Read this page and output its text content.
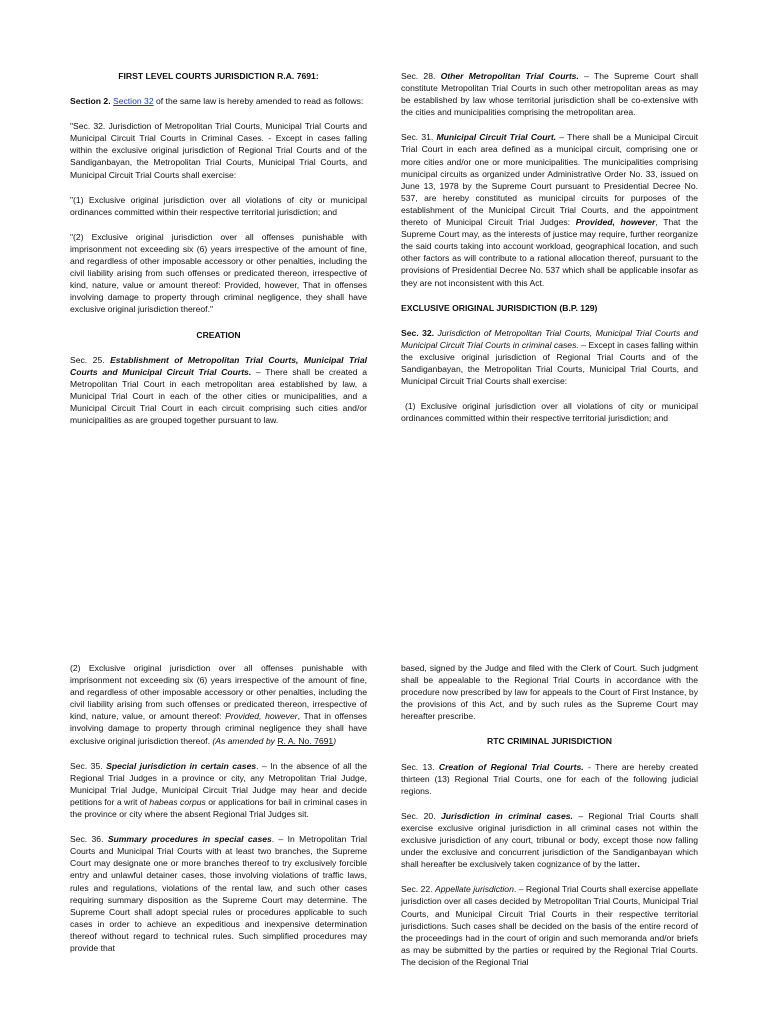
FIRST LEVEL COURTS JURISDICTION R.A. 7691:

Section 2. Section 32 of the same law is hereby amended to read as follows:

"Sec. 32. Jurisdiction of Metropolitan Trial Courts, Municipal Trial Courts and Municipal Circuit Trial Courts in Criminal Cases. - Except in cases falling within the exclusive original jurisdiction of Regional Trial Courts and of the Sandiganbayan, the Metropolitan Trial Courts, Municipal Trial Courts, and Municipal Circuit Trial Courts shall exercise:

"(1) Exclusive original jurisdiction over all violations of city or municipal ordinances committed within their respective territorial jurisdiction; and

"(2) Exclusive original jurisdiction over all offenses punishable with imprisonment not exceeding six (6) years irrespective of the amount of fine, and regardless of other imposable accessory or other penalties, including the civil liability arising from such offenses or predicated thereon, irrespective of kind, nature, value or amount thereof: Provided, however, That in offenses involving damage to property through criminal negligence, they shall have exclusive original jurisdiction thereof."

CREATION

Sec. 25. Establishment of Metropolitan Trial Courts, Municipal Trial Courts and Municipal Circuit Trial Courts. – There shall be created a Metropolitan Trial Court in each metropolitan area established by law, a Municipal Trial Court in each of the other cities or municipalities, and a Municipal Circuit Trial Court in each circuit comprising such cities and/or municipalities as are grouped together pursuant to law.

Sec. 28. Other Metropolitan Trial Courts. – The Supreme Court shall constitute Metropolitan Trial Courts in such other metropolitan areas as may be established by law whose territorial jurisdiction shall be co-extensive with the cities and municipalities comprising the metropolitan area.

Sec. 31. Municipal Circuit Trial Court. – There shall be a Municipal Circuit Trial Court in each area defined as a municipal circuit, comprising one or more cities and/or one or more municipalities. The municipalities comprising municipal circuits as organized under Administrative Order No. 33, issued on June 13, 1978 by the Supreme Court pursuant to Presidential Decree No. 537, are hereby constituted as municipal circuits for purposes of the establishment of the Municipal Circuit Trial Courts, and the appointment thereto of Municipal Circuit Trial Judges: Provided, however, That the Supreme Court may, as the interests of justice may require, further reorganize the said courts taking into account workload, geographical location, and such other factors as will contribute to a rational allocation thereof, pursuant to the provisions of Presidential Decree No. 537 which shall be applicable insofar as they are not inconsistent with this Act.

EXCLUSIVE ORIGINAL JURISDICTION (B.P. 129)

Sec. 32. Jurisdiction of Metropolitan Trial Courts, Municipal Trial Courts and Municipal Circuit Trial Courts in criminal cases. – Except in cases falling within the exclusive original jurisdiction of Regional Trial Courts and of the Sandiganbayan, the Metropolitan Trial Courts, Municipal Trial Courts, and Municipal Circuit Trial Courts shall exercise:

(1) Exclusive original jurisdiction over all violations of city or municipal ordinances committed within their respective territorial jurisdiction; and

(2) Exclusive original jurisdiction over all offenses punishable with imprisonment not exceeding six (6) years irrespective of the amount of fine, and regardless of other imposable accessory or other penalties, including the civil liability arising from such offenses or predicated thereon, irrespective of kind, nature, value, or amount thereof: Provided, however, That in offenses involving damage to property through criminal negligence they shall have exclusive original jurisdiction thereof. (As amended by R. A. No. 7691)

Sec. 35. Special jurisdiction in certain cases. – In the absence of all the Regional Trial Judges in a province or city, any Metropolitan Trial Judge, Municipal Trial Judge, Municipal Circuit Trial Judge may hear and decide petitions for a writ of habeas corpus or applications for bail in criminal cases in the province or city where the absent Regional Trial Judges sit.

Sec. 36. Summary procedures in special cases. – In Metropolitan Trial Courts and Municipal Trial Courts with at least two branches, the Supreme Court may designate one or more branches thereof to try exclusively forcible entry and unlawful detainer cases, those involving violations of traffic laws, rules and regulations, violations of the rental law, and such other cases requiring summary disposition as the Supreme Court may determine. The Supreme Court shall adopt special rules or procedures applicable to such cases in order to achieve an expeditious and inexpensive determination thereof without regard to technical rules. Such simplified procedures may provide that

based, signed by the Judge and filed with the Clerk of Court. Such judgment shall be appealable to the Regional Trial Courts in accordance with the procedure now prescribed by law for appeals to the Court of First Instance, by the provisions of this Act, and by such rules as the Supreme Court may hereafter prescribe.

RTC CRIMINAL JURISDICTION

Sec. 13. Creation of Regional Trial Courts. - There are hereby created thirteen (13) Regional Trial Courts, one for each of the following judicial regions.

Sec. 20. Jurisdiction in criminal cases. – Regional Trial Courts shall exercise exclusive original jurisdiction in all criminal cases not within the exclusive jurisdiction of any court, tribunal or body, except those now falling under the exclusive and concurrent jurisdiction of the Sandiganbayan which shall hereafter be exclusively taken cognizance of by the latter.

Sec. 22. Appellate jurisdiction. – Regional Trial Courts shall exercise appellate jurisdiction over all cases decided by Metropolitan Trial Courts, Municipal Trial Courts, and Municipal Circuit Trial Courts in their respective territorial jurisdictions. Such cases shall be decided on the basis of the entire record of the proceedings had in the court of origin and such memoranda and/or briefs as may be submitted by the parties or required by the Regional Trial Courts. The decision of the Regional Trial
